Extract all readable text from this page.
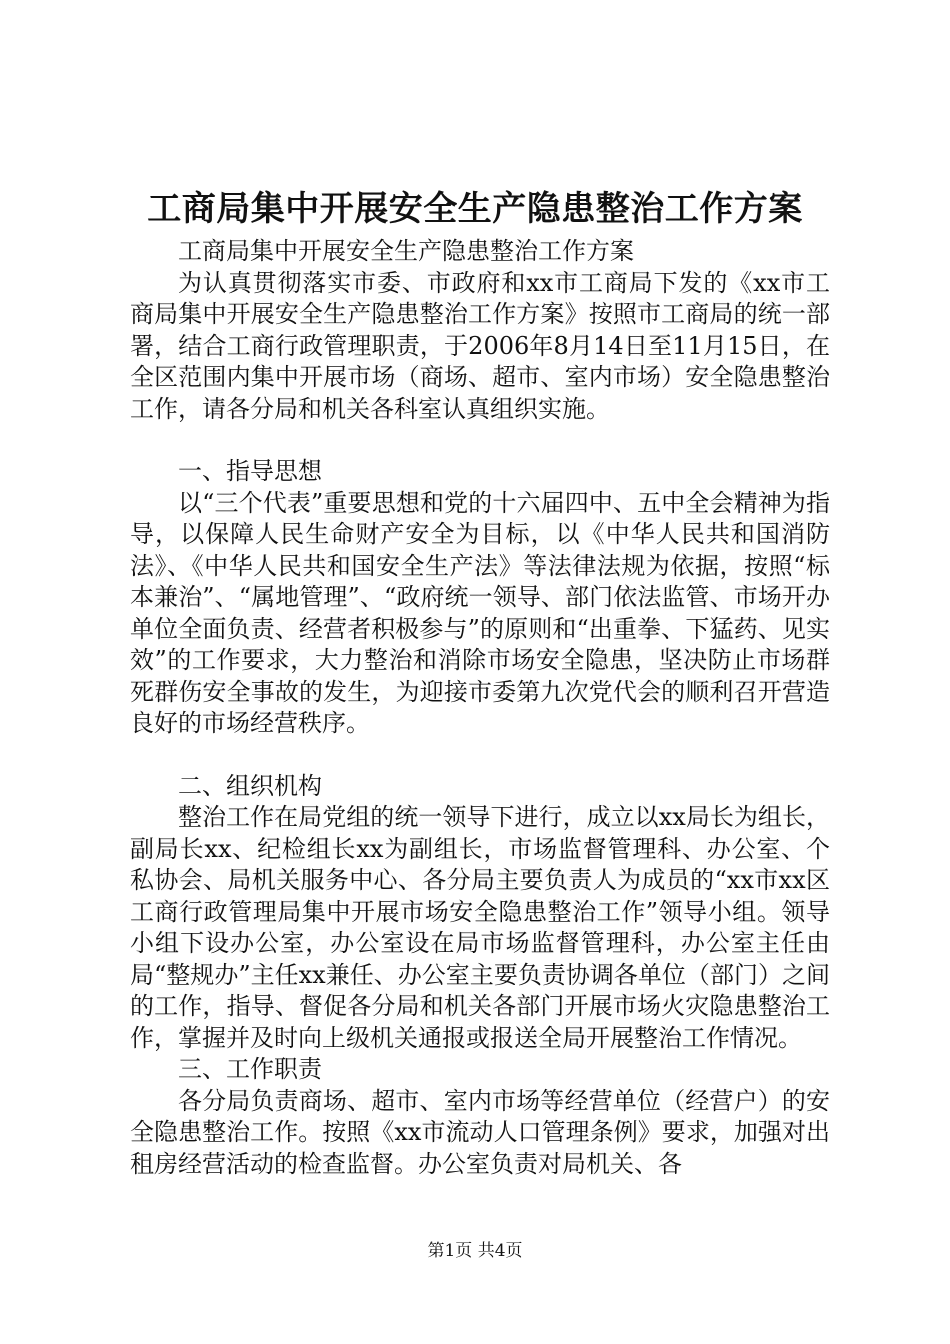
工商局集中开展安全生产隐患整治工作方案

工商局集中开展安全生产隐患整治工作方案

为认真贯彻落实市委、市政府和xx市工商局下发的《xx市工商局集中开展安全生产隐患整治工作方案》按照市工商局的统一部署，结合工商行政管理职责，于2006年8月14日至11月15日，在全区范围内集中开展市场（商场、超市、室内市场）安全隐患整治工作，请各分局和机关各科室认真组织实施。

一、指导思想

以“三个代表”重要思想和党的十六届四中、五中全会精神为指导，以保障人民生命财产安全为目标，以《中华人民共和国消防法》、《中华人民共和国安全生产法》等法律法规为依据，按照“标本兼治”、“属地管理”、“政府统一领导、部门依法监管、市场开办单位全面负责、经营者积极参与”的原则和“出重拳、下猛药、见实效”的工作要求，大力整治和消除市场安全隐患，坚决防止市场群死群伤安全事故的发生，为迎接市委第九次党代会的顺利召开营造良好的市场经营秩序。

二、组织机构

整治工作在局党组的统一领导下进行，成立以xx局长为组长，副局长xx、纪检组长xx为副组长，市场监督管理科、办公室、个私协会、局机关服务中心、各分局主要负责人为成员的“xx市xx区工商行政管理局集中开展市场安全隐患整治工作”领导小组。领导小组下设办公室，办公室设在局市场监督管理科，办公室主任由局“整规办”主任xx兼任、办公室主要负责协调各单位（部门）之间的工作，指导、督促各分局和机关各部门开展市场火灾隐患整治工作，掌握并及时向上级机关通报或报送全局开展整治工作情况。

三、工作职责

各分局负责商场、超市、室内市场等经营单位（经营户）的安全隐患整治工作。按照《xx市流动人口管理条例》要求，加强对出租房经营活动的检查监督。办公室负责对局机关、各

第1页 共4页
